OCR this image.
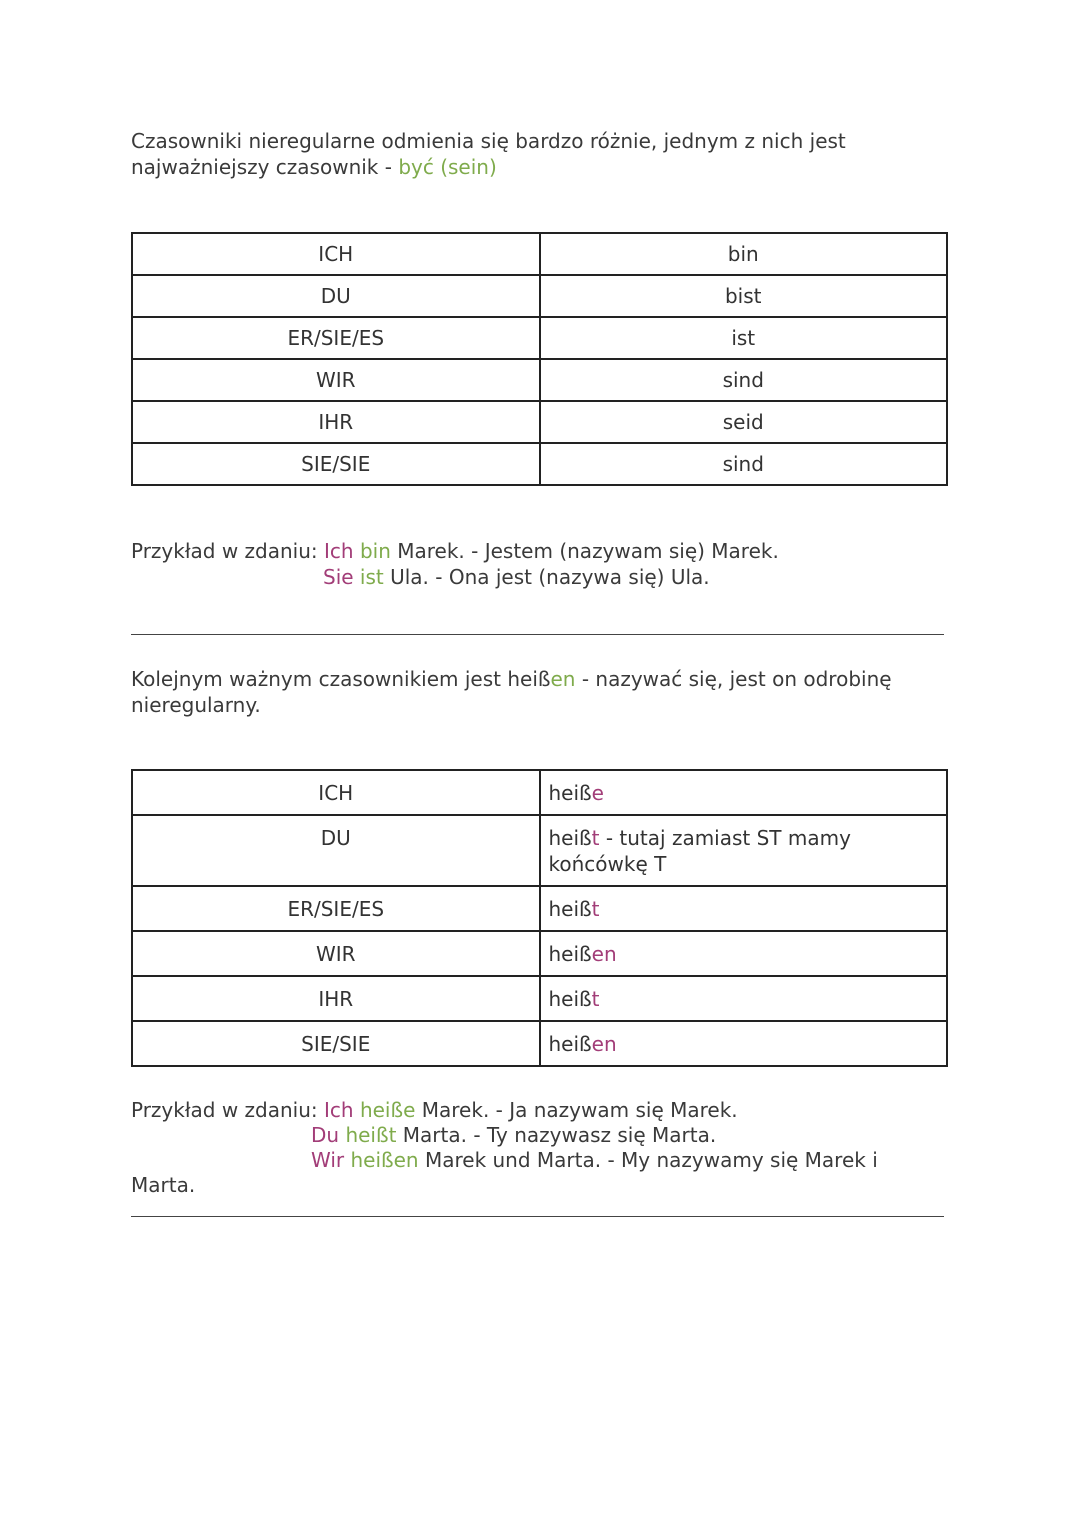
Czasowniki nieregularne odmienia się bardzo różnie, jednym z nich jest

najważniejszy czasownik - być (sein)

ICH	bin
DU	bist
ER/SIE/ES	ist
WIR	sind
IHR	seid
SIE/SIE	sind

Przykład w zdaniu: Ich bin Marek. - Jestem (nazywam się) Marek.

Sie ist Ula. - Ona jest (nazywa się) Ula.

Kolejnym ważnym czasownikiem jest heißen - nazywać się, jest on odrobinę

nieregularny.

ICH	heiße
DU	heißt - tutaj zamiast ST mamy
końcówkę T
ER/SIE/ES	heißt
WIR	heißen
IHR	heißt
SIE/SIE	heißen

Przykład w zdaniu: Ich heiße Marek. - Ja nazywam się Marek.

Du heißt Marta. - Ty nazywasz się Marta.

Wir heißen Marek und Marta. - My nazywamy się Marek i

Marta.
